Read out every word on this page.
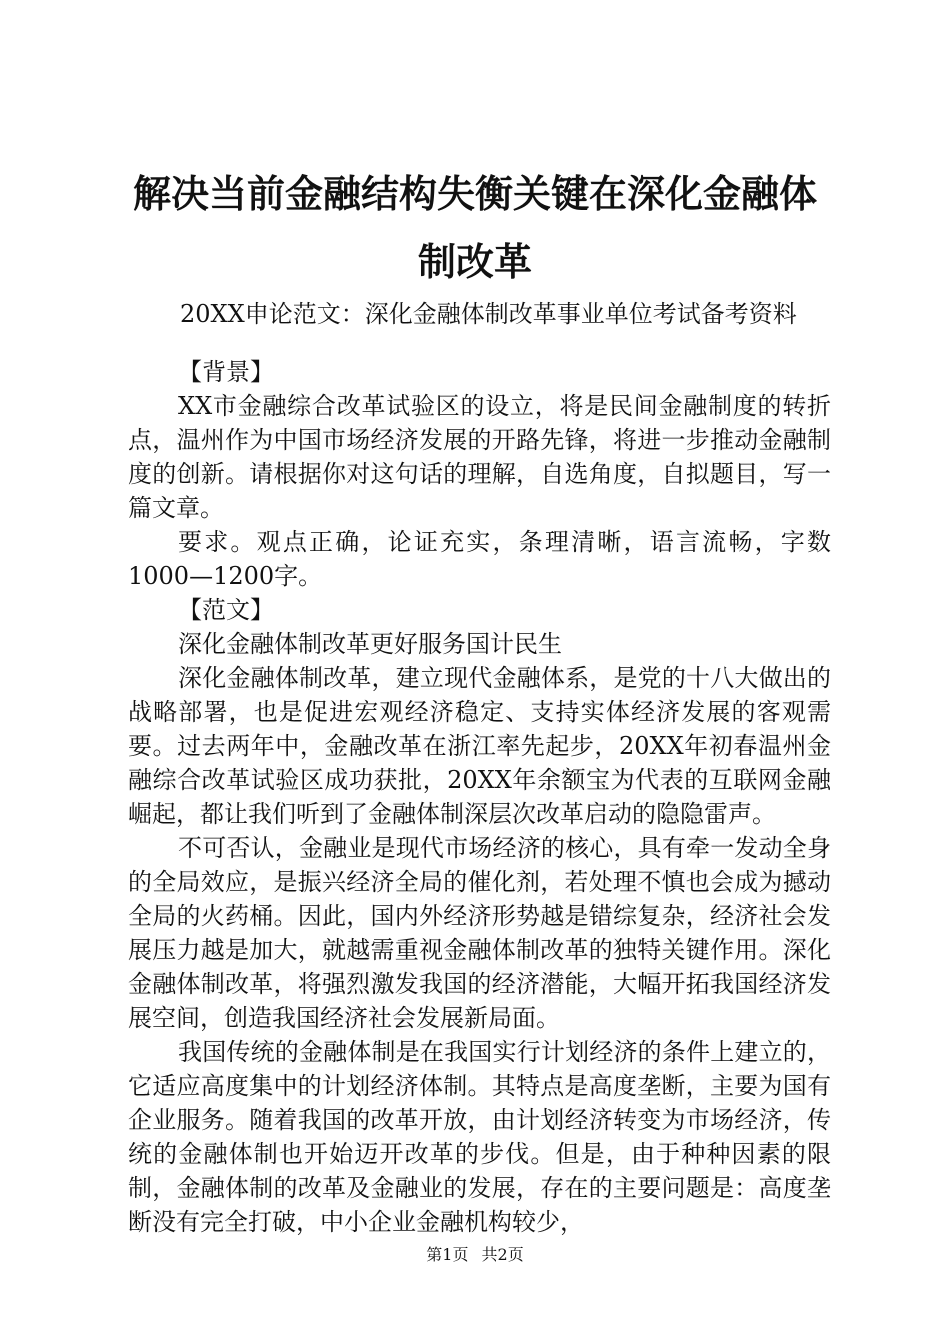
解决当前金融结构失衡关键在深化金融体制改革

20XX申论范文：深化金融体制改革事业单位考试备考资料

【背景】

XX市金融综合改革试验区的设立，将是民间金融制度的转折点，温州作为中国市场经济发展的开路先锋，将进一步推动金融制度的创新。请根据你对这句话的理解，自选角度，自拟题目，写一篇文章。

要求。观点正确，论证充实，条理清晰，语言流畅，字数1000—1200字。

【范文】

深化金融体制改革更好服务国计民生

深化金融体制改革，建立现代金融体系，是党的十八大做出的战略部署，也是促进宏观经济稳定、支持实体经济发展的客观需要。过去两年中，金融改革在浙江率先起步，20XX年初春温州金融综合改革试验区成功获批，20XX年余额宝为代表的互联网金融崛起，都让我们听到了金融体制深层次改革启动的隐隐雷声。

不可否认，金融业是现代市场经济的核心，具有牵一发动全身的全局效应，是振兴经济全局的催化剂，若处理不慎也会成为撼动全局的火药桶。因此，国内外经济形势越是错综复杂，经济社会发展压力越是加大，就越需重视金融体制改革的独特关键作用。深化金融体制改革，将强烈激发我国的经济潜能，大幅开拓我国经济发展空间，创造我国经济社会发展新局面。

我国传统的金融体制是在我国实行计划经济的条件上建立的，它适应高度集中的计划经济体制。其特点是高度垄断，主要为国有企业服务。随着我国的改革开放，由计划经济转变为市场经济，传统的金融体制也开始迈开改革的步伐。但是，由于种种因素的限制，金融体制的改革及金融业的发展，存在的主要问题是：高度垄断没有完全打破，中小企业金融机构较少，

第1页 共2页
